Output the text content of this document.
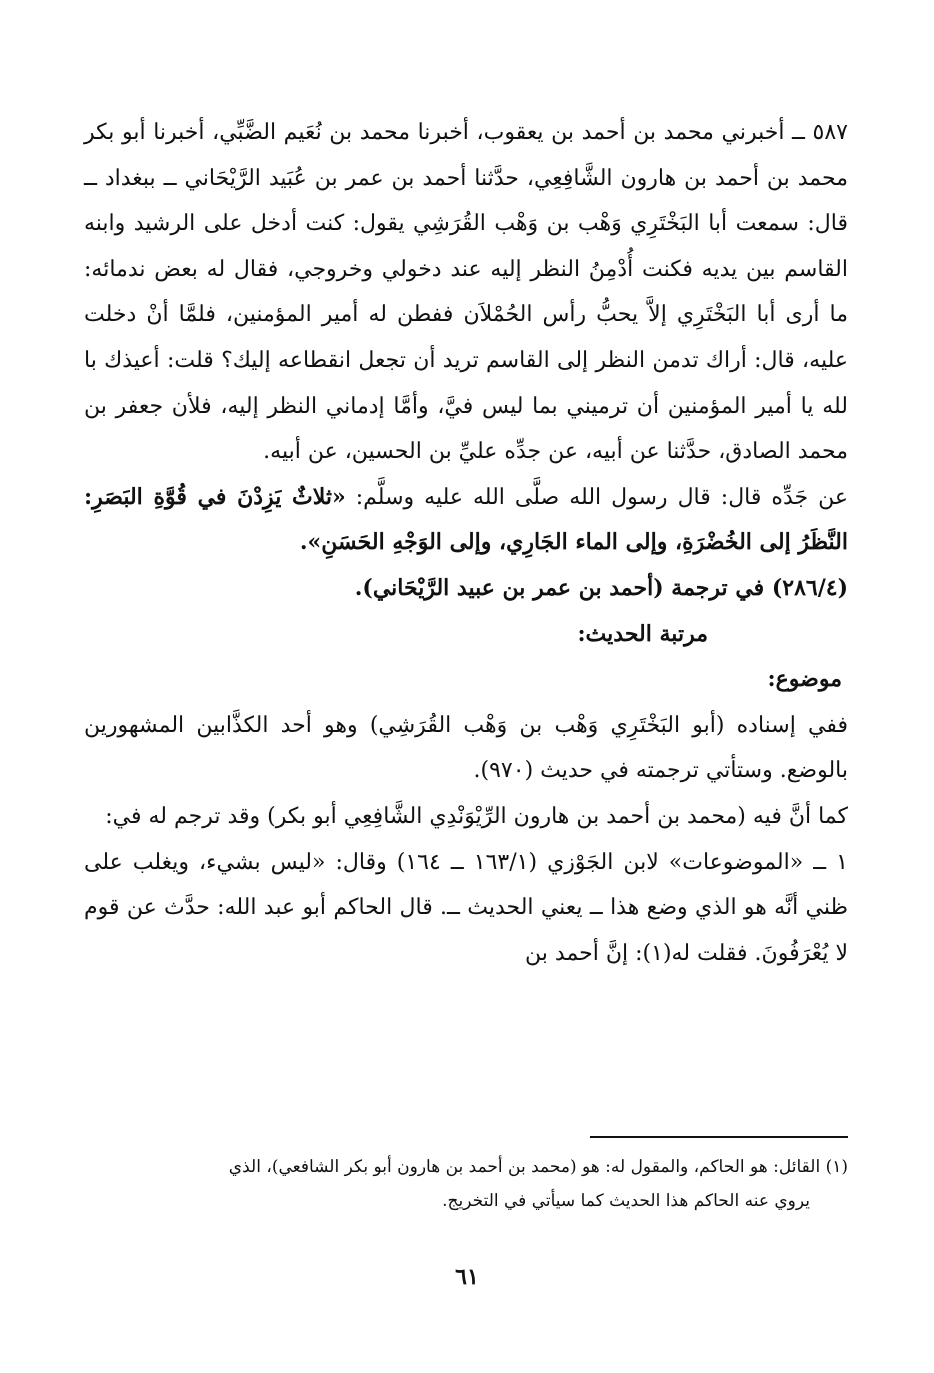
٥٨٧ ــ أخبرني محمد بن أحمد بن يعقوب، أخبرنا محمد بن نُعَيم الضَّبِّي، أخبرنا أبو بكر محمد بن أحمد بن هارون الشَّافِعِي، حدَّثنا أحمد بن عمر بن عُبَيد الرَّيْحَاني ــ ببغداد ــ قال: سمعت أبا البَخْتَرِي وَهْب بن وَهْب القُرَشِي يقول: كنت أدخل على الرشيد وابنه القاسم بين يديه فكنت أُدْمِنُ النظر إليه عند دخولي وخروجي، فقال له بعض ندمائه: ما أرى أبا البَخْتَرِي إلاَّ يحبُّ رأس الحُمْلاَن ففطن له أمير المؤمنين، فلمَّا أنْ دخلت عليه، قال: أراك تدمن النظر إلى القاسم تريد أن تجعل انقطاعه إليك؟ قلت: أعيذك با لله يا أمير المؤمنين أن ترميني بما ليس فيَّ، وأمَّا إدماني النظر إليه، فلأن جعفر بن محمد الصادق، حدَّثنا عن أبيه، عن جدِّه عليِّ بن الحسين، عن أبيه.

عن جَدِّه قال: قال رسول الله صلَّى الله عليه وسلَّم: «ثلاثٌ يَزِدْنَ في قُوَّةِ البَصَرِ: النَّظَرُ إلى الخُضْرَةِ، وإلى الماء الجَارِي، وإلى الوَجْهِ الحَسَنِ».

(٢٨٦/٤) في ترجمة (أحمد بن عمر بن عبيد الرَّيْحَاني).

مرتبة الحديث:

موضوع:

ففي إسناده (أبو البَخْتَرِي وَهْب بن وَهْب القُرَشِي) وهو أحد الكذَّابين المشهورين بالوضع. وستأتي ترجمته في حديث (٩٧٠).

كما أنَّ فيه (محمد بن أحمد بن هارون الرِّيْوَنْدِي الشَّافِعِي أبو بكر) وقد ترجم له في:

١ ــ «الموضوعات» لابن الجَوْزي (١٦٣/١ ــ ١٦٤) وقال: «ليس بشيء، ويغلب على ظني أنَّه هو الذي وضع هذا ــ يعني الحديث ــ. قال الحاكم أبو عبد الله: حدَّث عن قوم لا يُعْرَفُونَ. فقلت له(١): إنَّ أحمد بن

(١) القائل: هو الحاكم، والمقول له: هو (محمد بن أحمد بن هارون أبو بكر الشافعي)، الذي

يروي عنه الحاكم هذا الحديث كما سيأتي في التخريج.

٦١
